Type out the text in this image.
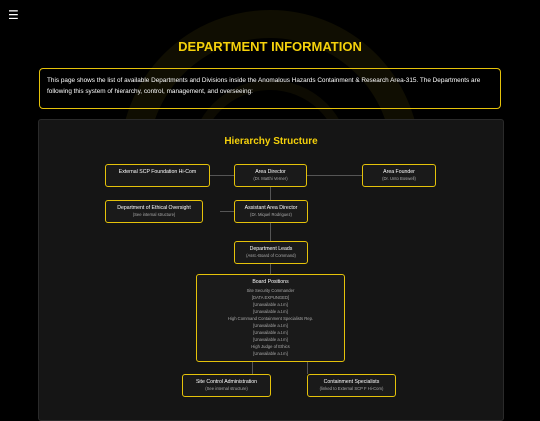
☰
DEPARTMENT INFORMATION
This page shows the list of available Departments and Divisions inside the Anomalous Hazards Containment & Research Area-315. The Departments are following this system of hierarchy, control, management, and overseeing:
Hierarchy Structure
External SCP Foundation Hi-Com	Area Director
(Dr. Matthi Verner)
Area Founder
(Dr. Unto Boswell)
Department of Ethical Oversight
(See internal structure)
Assistant Area Director
(Dr. Miquel Rodriguez)
Department Leads
(Asst.-Board of Command)
Board Positions
Site Security Commander
[DATA EXPUNGED]
[Unavailable a.t.m]
[Unavailable a.t.m]
High Command Containment Specialists Rep.
[Unavailable a.t.m]
[Unavailable a.t.m]
[Unavailable a.t.m]
High Judge of Ethics
[Unavailable a.t.m]
Site Control Administration
(See internal structure)
Containment Specialists
(linked to External SCP F Hi-Com)
